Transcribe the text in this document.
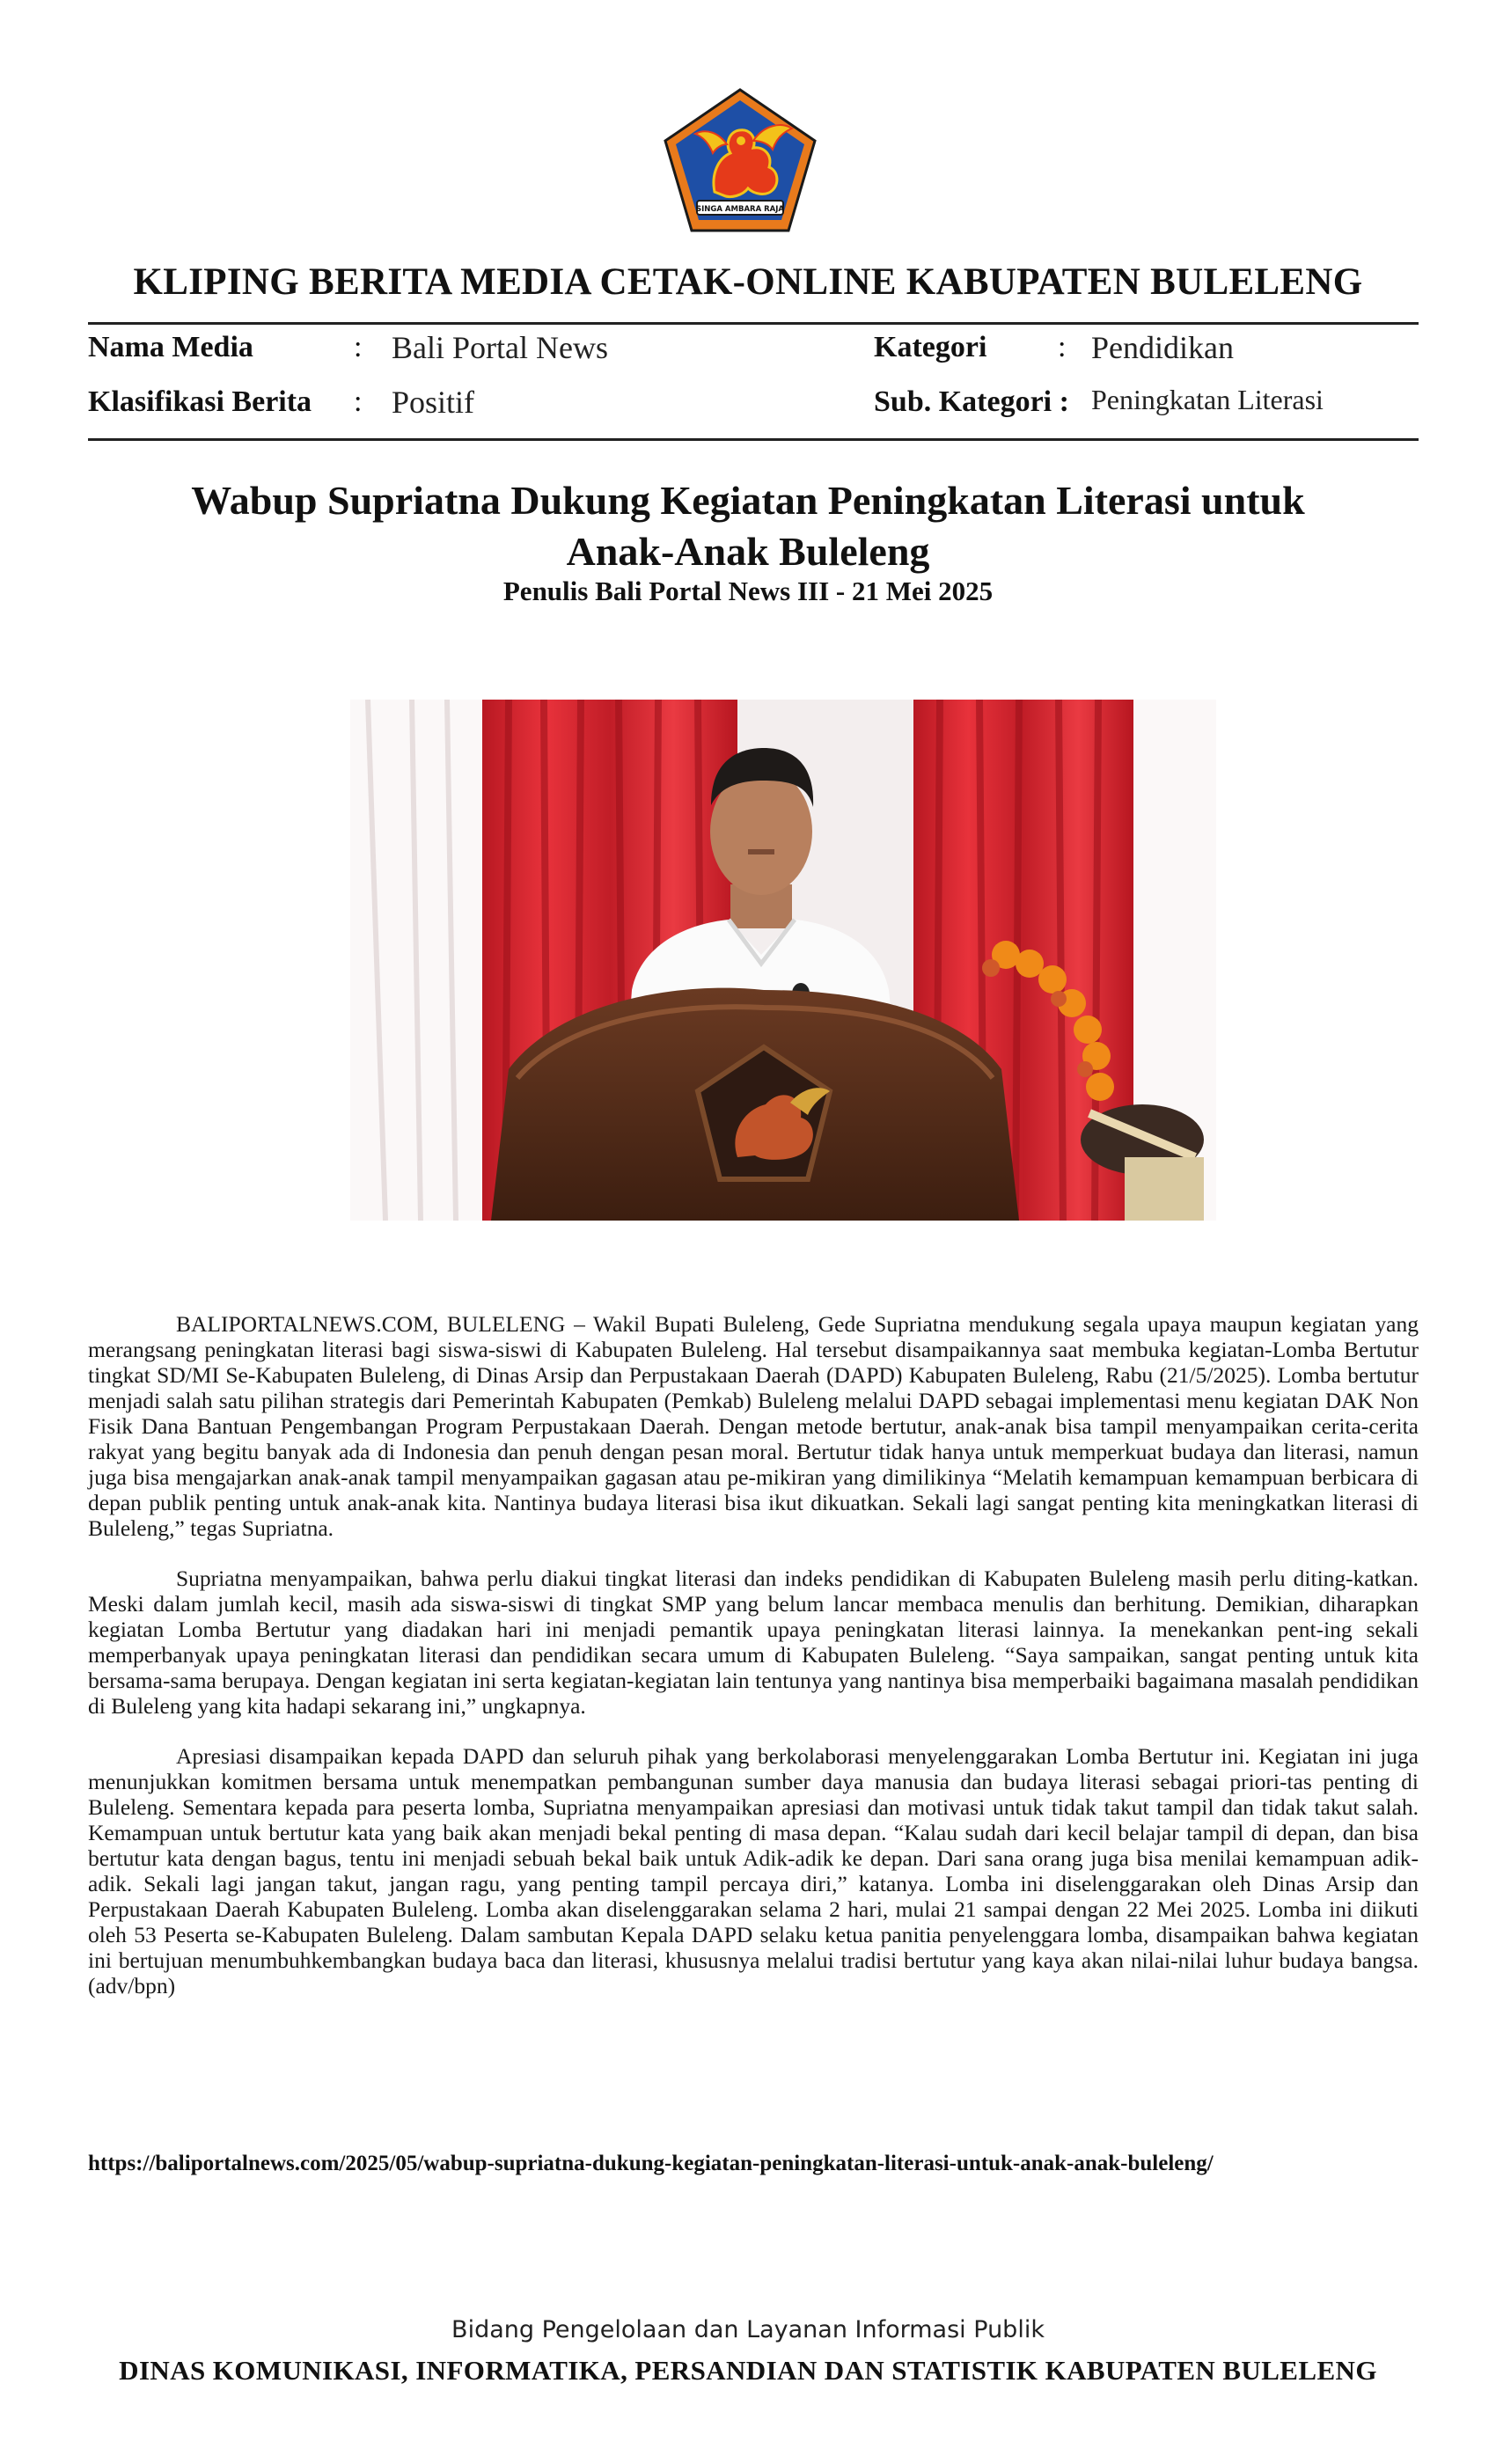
SINGA AMBARA RAJA
KLIPING BERITA MEDIA CETAK-ONLINE KABUPATEN BULELENG
Nama Media	: Bali Portal News	Kategori : Pendidikan
Klasifikasi Berita : Positif	Sub. Kategori : Peningkatan Literasi
Wabup Supriatna Dukung Kegiatan Peningkatan Literasi untuk
Anak-Anak Buleleng
Penulis Bali Portal News III - 21 Mei 2025

BALIPORTALNEWS.COM, BULELENG – Wakil Bupati Buleleng, Gede Supriatna mendukung segala upaya maupun kegiatan yang merangsang peningkatan literasi bagi siswa-siswi di Kabupaten Buleleng. Hal tersebut disampaikannya saat membuka kegiatan-Lomba Bertutur tingkat SD/MI Se-Kabupaten Buleleng, di Dinas Arsip dan Perpustakaan Daerah (DAPD) Kabupaten Buleleng, Rabu (21/5/2025). Lomba bertutur menjadi salah satu pilihan strategis dari Pemerintah Kabupaten (Pemkab) Buleleng melalui DAPD sebagai implementasi menu kegiatan DAK Non Fisik Dana Bantuan Pengembangan Program Perpustakaan Daerah. Dengan metode bertutur, anak-anak bisa tampil menyampaikan cerita-cerita rakyat yang begitu banyak ada di Indonesia dan penuh dengan pesan moral. Bertutur tidak hanya untuk memperkuat budaya dan literasi, namun juga bisa mengajarkan anak-anak tampil menyampaikan gagasan atau pe-mikiran yang dimilikinya “Melatih kemampuan kemampuan berbicara di depan publik penting untuk anak-anak kita. Nantinya budaya literasi bisa ikut dikuatkan. Sekali lagi sangat penting kita meningkatkan literasi di Buleleng,” tegas Supriatna.

Supriatna menyampaikan, bahwa perlu diakui tingkat literasi dan indeks pendidikan di Kabupaten Buleleng masih perlu diting-katkan. Meski dalam jumlah kecil, masih ada siswa-siswi di tingkat SMP yang belum lancar membaca menulis dan berhitung. Demikian, diharapkan kegiatan Lomba Bertutur yang diadakan hari ini menjadi pemantik upaya peningkatan literasi lainnya. Ia menekankan pent-ing sekali memperbanyak upaya peningkatan literasi dan pendidikan secara umum di Kabupaten Buleleng. “Saya sampaikan, sangat penting untuk kita bersama-sama berupaya. Dengan kegiatan ini serta kegiatan-kegiatan lain tentunya yang nantinya bisa memperbaiki bagaimana masalah pendidikan di Buleleng yang kita hadapi sekarang ini,” ungkapnya.

Apresiasi disampaikan kepada DAPD dan seluruh pihak yang berkolaborasi menyelenggarakan Lomba Bertutur ini. Kegiatan ini juga menunjukkan komitmen bersama untuk menempatkan pembangunan sumber daya manusia dan budaya literasi sebagai priori-tas penting di Buleleng. Sementara kepada para peserta lomba, Supriatna menyampaikan apresiasi dan motivasi untuk tidak takut tampil dan tidak takut salah. Kemampuan untuk bertutur kata yang baik akan menjadi bekal penting di masa depan. “Kalau sudah dari kecil belajar tampil di depan, dan bisa bertutur kata dengan bagus, tentu ini menjadi sebuah bekal baik untuk Adik-adik ke depan. Dari sana orang juga bisa menilai kemampuan adik-adik. Sekali lagi jangan takut, jangan ragu, yang penting tampil percaya diri,” katanya. Lomba ini diselenggarakan oleh Dinas Arsip dan Perpustakaan Daerah Kabupaten Buleleng. Lomba akan diselenggarakan selama 2 hari, mulai 21 sampai dengan 22 Mei 2025. Lomba ini diikuti oleh 53 Peserta se-Kabupaten Buleleng. Dalam sambutan Kepala DAPD selaku ketua panitia penyelenggara lomba, disampaikan bahwa kegiatan ini bertujuan menumbuhkembangkan budaya baca dan literasi, khususnya melalui tradisi bertutur yang kaya akan nilai-nilai luhur budaya bangsa.(adv/bpn)

https://baliportalnews.com/2025/05/wabup-supriatna-dukung-kegiatan-peningkatan-literasi-untuk-anak-anak-buleleng/
Bidang Pengelolaan dan Layanan Informasi Publik
DINAS KOMUNIKASI, INFORMATIKA, PERSANDIAN DAN STATISTIK KABUPATEN BULELENG
